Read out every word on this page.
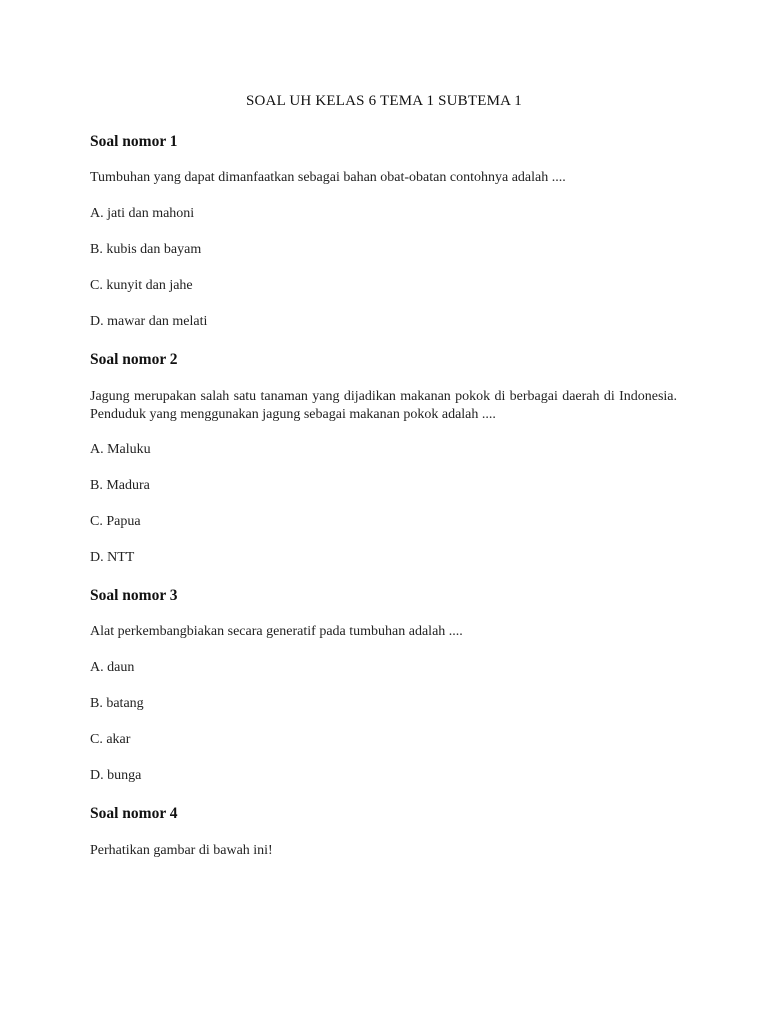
SOAL UH KELAS 6 TEMA 1 SUBTEMA 1
Soal nomor 1
Tumbuhan yang dapat dimanfaatkan sebagai bahan obat-obatan contohnya adalah ....
A. jati dan mahoni
B. kubis dan bayam
C. kunyit dan jahe
D. mawar dan melati
Soal nomor 2
Jagung merupakan salah satu tanaman yang dijadikan makanan pokok di berbagai daerah di Indonesia. Penduduk yang menggunakan jagung sebagai makanan pokok adalah ....
A. Maluku
B. Madura
C. Papua
D. NTT
Soal nomor 3
Alat perkembangbiakan secara generatif pada tumbuhan adalah ....
A. daun
B. batang
C. akar
D. bunga
Soal nomor 4
Perhatikan gambar di bawah ini!
